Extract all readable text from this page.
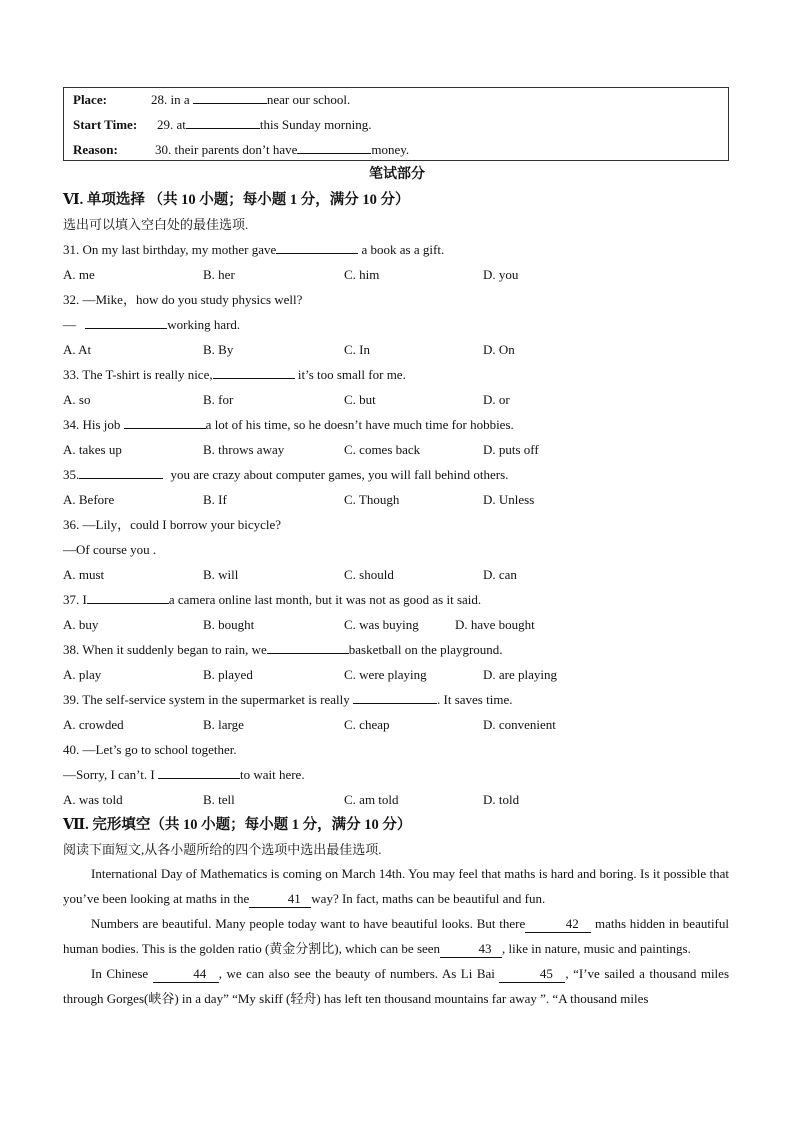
Place:	28. in a	near our school.
Start Time: 29. at	this Sunday morning.
Reason:	30. their parents don’t have	money.
笔试部分
Ⅵ. 单项选择 （共 10 小题；每小题 1 分，满分 10 分）
选出可以填入空白处的最佳选项.
31. On my last birthday, my mother gave	a book as a gift.
A. me	B. her	C. him	D. you
32. —Mike，how do you study physics well?
—	working hard.
A. At	B. By	C. In	D. On
33. The T-shirt is really nice,	it’s too small for me.
A. so	B. for	C. but	D. or
34. His job	a lot of his time, so he doesn’t have much time for hobbies.
A. takes up	B. throws away	C. comes back	D. puts off
35.	you are crazy about computer games, you will fall behind others.
A. Before	B. If	C. Though	D. Unless
36. —Lily，could I borrow your bicycle?
—Of course you .
A. must	B. will	C. should	D. can
37. I	a camera online last month, but it was not as good as it said.
A. buy	B. bought	C. was buying	D. have bought
38. When it suddenly began to rain, we	basketball on the playground.
A. play	B. played	C. were playing	D. are playing
39. The self-service system in the supermarket is really	. It saves time.
A. crowded	B. large	C. cheap	D. convenient
40. —Let’s go to school together.
—Sorry, I can’t. I	to wait here.
A. was told	B. tell	C. am told	D. told
Ⅶ. 完形填空（共 10 小题；每小题 1 分，满分 10 分）
阅读下面短文,从各小题所给的四个选项中选出最佳选项.

International Day of Mathematics is coming on March 14th. You may feel that maths is hard and boring. Is it possible that you’ve been looking at maths in the	41 way? In fact, maths can be beautiful and fun.

Numbers are beautiful. Many people today want to have beautiful looks. But there	42 maths hidden in beautiful human bodies. This is the golden ratio (黄金分割比), which can be seen	43 , like in nature, music and paintings.

In Chinese	44 , we can also see the beauty of numbers. As Li Bai	45 , “I’ve sailed a thousand miles through Gorges(峡谷) in a day” “My skiff (轻舟) has left ten thousand mountains far away ”. “A thousand miles
